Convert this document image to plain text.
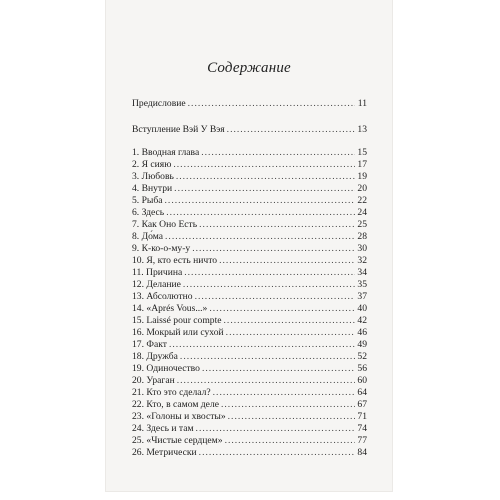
Содержание
Предисловие .....	11
Вступление Вэй У Вэя .....	13
1. Вводная глава .....	15
2. Я сияю .....	17
3. Любовь .....	19
4. Внутри .....	20
5. Рыба .....	22
6. Здесь .....	24
7. Как Оно Есть .....	25
8. До́ма .....	28
9. К-ко-о-му-у .....	30
10. Я, кто есть ничто .....	32
11. Причина .....	34
12. Делание .....	35
13. Абсолютно .....	37
14. «Aprés Vous...» .....	40
15. Laissé pour compte .....	42
16. Мокрый или сухой .....	46
17. Факт .....	49
18. Дружба .....	52
19. Одиночество .....	56
20. Ураган .....	60
21. Кто это сделал? .....	64
22. Кто, в самом деле .....	67
23. «Голоны и хвосты» .....	71
24. Здесь и там .....	74
25. «Чистые сердцем» .....	77
26. Метрически .....	84
